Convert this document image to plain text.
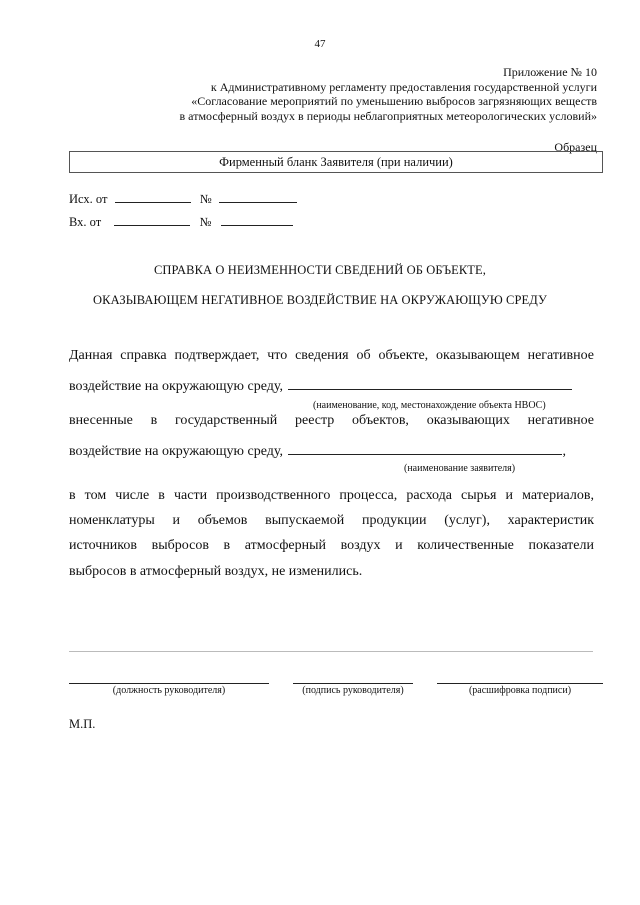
47
Приложение № 10
к Административному регламенту предоставления государственной услуги
«Согласование мероприятий по уменьшению выбросов загрязняющих веществ
в атмосферный воздух в периоды неблагоприятных метеорологических условий»
Образец
Фирменный бланк Заявителя (при наличии)
Исх. от	№
Вх. от	№
СПРАВКА О НЕИЗМЕННОСТИ СВЕДЕНИЙ ОБ ОБЪЕКТЕ,
ОКАЗЫВАЮЩЕМ НЕГАТИВНОЕ ВОЗДЕЙСТВИЕ НА ОКРУЖАЮЩУЮ СРЕДУ
Данная справка подтверждает, что сведения об объекте, оказывающем негативное
воздействие на окружающую среду,
(наименование, код, местонахождение объекта НВОС)
внесенные в государственный реестр объектов, оказывающих негативное
воздействие на окружающую среду,	,
(наименование заявителя)
в том числе в части производственного процесса, расхода сырья и материалов,
номенклатуры и объемов выпускаемой продукции (услуг), характеристик
источников выбросов в атмосферный воздух и количественные показатели
выбросов в атмосферный воздух, не изменились.
(должность руководителя)	(подпись руководителя)	(расшифровка подписи)
М.П.
